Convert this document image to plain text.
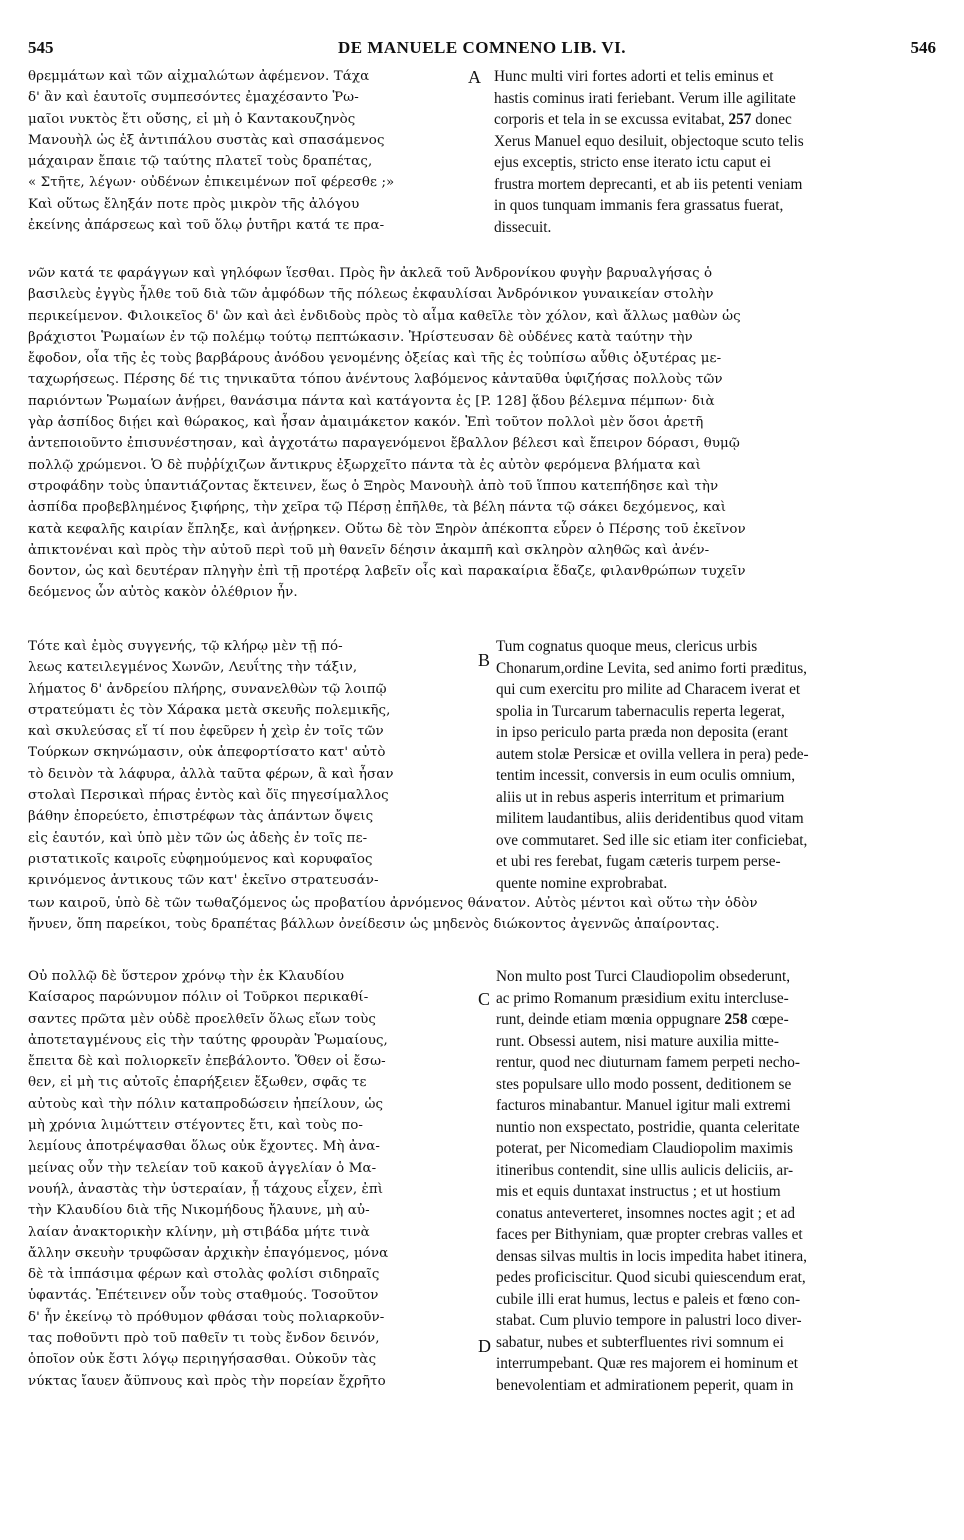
545	DE MANUELE COMNENO LIB. VI.	546
θρεμμάτων καὶ τῶν αἰχμαλώτων ἀφέμενον. Τάχα
δ' ἂν καὶ ἑαυτοῖς συμπεσόντες ἐμαχέσαντο Ῥω-
μαῖοι νυκτὸς ἔτι οὔσης, εἰ μὴ ὁ Καντακουζηνὸς
Μανουὴλ ὡς ἐξ ἀντιπάλου συστὰς καὶ σπασάμενος
μάχαιραν ἔπαιε τῷ ταύτης πλατεῖ τοὺς δραπέτας,
« Στῆτε, λέγων· οὐδένων ἐπικειμένων ποῖ φέρεσθε ;»
Καὶ οὕτως ἔληξάν ποτε πρὸς μικρὸν τῆς ἀλόγου
ἐκείνης ἀπάρσεως καὶ τοῦ ὅλῳ ῥυτῆρι κατά τε πρα-
A Hunc multi viri fortes adorti et telis eminus et
hastis cominus irati feriebant. Verum ille agilitate
corporis et tela in se excussa evitabat, 257 donec
Xerus Manuel equo desiluit, objectoque scuto telis
ejus exceptis, stricto ense iterato ictu caput ei
frustra mortem deprecanti, et ab iis petenti veniam
in quos tunquam immanis fera grassatus fuerat,
dissecuit.
νῶν κατά τε φαράγγων καὶ γηλόφων ἵεσθαι. Πρὸς ἣν ἀκλεᾶ τοῦ Ἀνδρονίκου φυγὴν βαρυαλγήσας ὁ
βασιλεὺς ἐγγὺς ἦλθε τοῦ διὰ τῶν ἀμφόδων τῆς πόλεως ἐκφαυλίσαι Ἀνδρόνικον γυναικείαν στολὴν
περικείμενον. Φιλοικεῖος δ' ὢν καὶ ἀεὶ ἐνδιδοὺς πρὸς τὸ αἷμα καθεῖλε τὸν χόλον, καὶ ἄλλως μαθὼν ὡς
βράχιστοι Ῥωμαίων ἐν τῷ πολέμῳ τούτῳ πεπτώκασιν. Ἠρίστευσαν δὲ οὐδένες κατὰ ταύτην τὴν
ἔφοδον, οἷα τῆς ἐς τοὺς βαρβάρους ἀνόδου γενομένης ὀξείας καὶ τῆς ἐς τοὐπίσω αὖθις ὀξυτέρας με-
ταχωρήσεως. Πέρσης δέ τις τηνικαῦτα τόπου ἀνέντους λαβόμενος κἀνταῦθα ὑφιζήσας πολλοὺς τῶν
παριόντων Ῥωμαίων ἀνῄρει, θανάσιμα πάντα καὶ κατάγοντα ἐς [P. 128] ᾅδου βέλεμνα πέμπων· διὰ
γὰρ ἀσπίδος διῄει καὶ θώρακος, καὶ ἦσαν ἀμαιμάκετον κακόν. Ἐπὶ τοῦτον πολλοὶ μὲν ὅσοι ἀρετῆ
ἀντεποιοῦντο ἐπισυνέστησαν, καὶ ἀγχοτάτω παραγενόμενοι ἔβαλλον βέλεσι καὶ ἔπειρον δόρασι, θυμῷ
πολλῷ χρώμενοι. Ὁ δὲ πυῤῥίχιζων ἄντικρυς ἐξωρχεῖτο πάντα τὰ ἐς αὐτὸν φερόμενα βλήματα καὶ
στροφάδην τοὺς ὑπαντιάζοντας ἔκτεινεν, ἕως ὁ Ξηρὸς Μανουὴλ ἀπὸ τοῦ ἵππου κατεπήδησε καὶ τὴν
ἀσπίδα προβεβλημένος ξιφήρης, τὴν χεῖρα τῷ Πέρσῃ ἐπῆλθε, τὰ βέλη πάντα τῷ σάκει δεχόμενος, καὶ
κατὰ κεφαλῆς καιρίαν ἔπληξε, καὶ ἀνῄρηκεν. Οὕτω δὲ τὸν Ξηρὸν ἀπέκοπτα εὗρεν ὁ Πέρσης τοῦ ἐκεῖνον
ἀπικτονέναι καὶ πρὸς τὴν αὐτοῦ περὶ τοῦ μὴ θανεῖν δέησιν ἀκαμπῆ καὶ σκληρὸν αληθῶς καὶ ἀνέν-
δοντον, ὡς καὶ δευτέραν πληγὴν ἐπὶ τῇ προτέρᾳ λαβεῖν οἷς καὶ παρακαίρια ἔδαζε, φιλανθρώπων τυχεῖν
δεόμενος ὧν αὐτὸς κακὸν ὀλέθριον ἦν.
Τότε καὶ ἐμὸς συγγενής, τῷ κλήρῳ μὲν τῇ πό-
λεως κατειλεγμένος Χωνῶν, Λευΐτης τὴν τάξιν,
λήματος δ' ἀνδρείου πλήρης, συνανελθὼν τῷ λοιπῷ
στρατεύματι ἐς τὸν Χάρακα μετὰ σκευῆς πολεμικῆς,
καὶ σκυλεύσας εἴ τί που ἐφεῦρεν ἡ χεὶρ ἐν τοῖς τῶν
Τούρκων σκηνώμασιν, οὐκ ἀπεφορτίσατο κατ' αὐτὸ
τὸ δεινὸν τὰ λάφυρα, ἀλλὰ ταῦτα φέρων, ἃ καὶ ἦσαν
στολαὶ Περσικαὶ πήρας ἐντὸς καὶ ὄϊς πηγεσίμαλλος
βάθην ἐπορεύετο, ἐπιστρέφων τὰς ἁπάντων ὄψεις
εἰς ἑαυτόν, καὶ ὑπὸ μὲν τῶν ὡς ἀδεὴς ἐν τοῖς πε-
ριστατικοῖς καιροῖς εὐφημούμενος καὶ κορυφαῖος
κρινόμενος ἀντικους τῶν κατ' ἐκεῖνο στρατευσάν-
B
Tum cognatus quoque meus, clericus urbis
Chonarum,ordine Levita, sed animo forti præditus,
qui cum exercitu pro milite ad Characem iverat et
spolia in Turcarum tabernaculis reperta legerat,
in ipso periculo parta præda non deposita (erant
autem stolæ Persicæ et ovilla vellera in pera) pede-
tentim incessit, conversis in eum oculis omnium,
aliis ut in rebus asperis interritum et primarium
militem laudantibus, aliis deridentibus quod vitam
ove commutaret. Sed ille sic etiam iter conficiebat,
et ubi res ferebat, fugam cæteris turpem perse-
quente nomine exprobrabat.
των καιροῦ, ὑπὸ δὲ τῶν τωθαζόμενος ὡς προβατίου ἀρνόμενος θάνατον. Αὐτὸς μέντοι καὶ οὕτω τὴν ὁδὸν
ἤνυεν, ὅπη παρείκοι, τοὺς δραπέτας βάλλων ὀνείδεσιν ὡς μηδενὸς διώκοντος ἀγεννῶς ἀπαίροντας.
Οὐ πολλῷ δὲ ὕστερον χρόνῳ τὴν ἐκ Κλαυδίου
Καίσαρος παρώνυμον πόλιν οἱ Τοῦρκοι περικαθί-
σαντες πρῶτα μὲν οὐδὲ προελθεῖν ὅλως εἴων τοὺς
ἀποτεταγμένους εἰς τὴν ταύτης φρουρὰν Ῥωμαίους,
ἔπειτα δὲ καὶ πολιορκεῖν ἐπεβάλοντο. Ὅθεν οἱ ἔσω-
θεν, εἰ μὴ τις αὐτοῖς ἐπαρήξειεν ἔξωθεν, σφᾶς τε
αὐτοὺς καὶ τὴν πόλιν καταπροδώσειν ἠπείλουν, ὡς
μὴ χρόνια λιμώττειν στέγοντες ἔτι, καὶ τοὺς πο-
λεμίους ἀποτρέψασθαι ὅλως οὐκ ἔχοντες. Μὴ ἀνα-
μείνας οὖν τὴν τελείαν τοῦ κακοῦ ἀγγελίαν ὁ Μα-
νουήλ, ἀναστὰς τὴν ὑστεραίαν, ᾗ τάχους εἶχεν, ἐπὶ
τὴν Κλαυδίου διὰ τῆς Νικομήδους ἤλαυνε, μὴ αὐ-
λαίαν ἀνακτορικὴν κλίνην, μὴ στιβάδα μήτε τινὰ
ἄλλην σκευὴν τρυφῶσαν ἀρχικὴν ἐπαγόμενος, μόνα
δὲ τὰ ἱππάσιμα φέρων καὶ στολὰς φολίσι σιδηραῖς
ὑφαντάς. Ἐπέτεινεν οὖν τοὺς σταθμούς. Τοσοῦτον
δ' ἦν ἐκείνῳ τὸ πρόθυμον φθάσαι τοὺς πολιαρκοῦν-
τας ποθοῦντι πρὸ τοῦ παθεῖν τι τοὺς ἔνδον δεινόν,
ὁποῖον οὐκ ἔστι λόγῳ περιηγήσασθαι. Οὐκοῦν τὰς
νύκτας ἴαυεν ἄϋπνους καὶ πρὸς τὴν πορείαν ἔχρῆτο
C
D
Non multo post Turci Claudiopolim obsederunt,
ac primo Romanum præsidium exitu intercluse-
runt, deinde etiam mœnia oppugnare 258 cœpe-
runt. Obsessi autem, nisi mature auxilia mitte-
rentur, quod nec diuturnam famem perpeti necho-
stes populsare ullo modo possent, deditionem se
facturos minabantur. Manuel igitur mali extremi
nuntio non exspectato, postridie, quanta celeritate
poterat, per Nicomediam Claudiopolim maximis
itineribus contendit, sine ullis aulicis deliciis, ar-
mis et equis duntaxat instructus ; et ut hostium
conatus anteverteret, insomnes noctes agit ; et ad
faces per Bithyniam, quæ propter crebras valles et
densas silvas multis in locis impedita habet itinera,
pedes proficiscitur. Quod sicubi quiescendum erat,
cubile illi erat humus, lectus e paleis et fœno con-
stabat. Cum pluvio tempore in palustri loco diver-
sabatur, nubes et subterfluentes rivi somnum ei
interrumpebant. Quæ res majorem ei hominum et
benevolentiam et admirationem peperit, quam in
